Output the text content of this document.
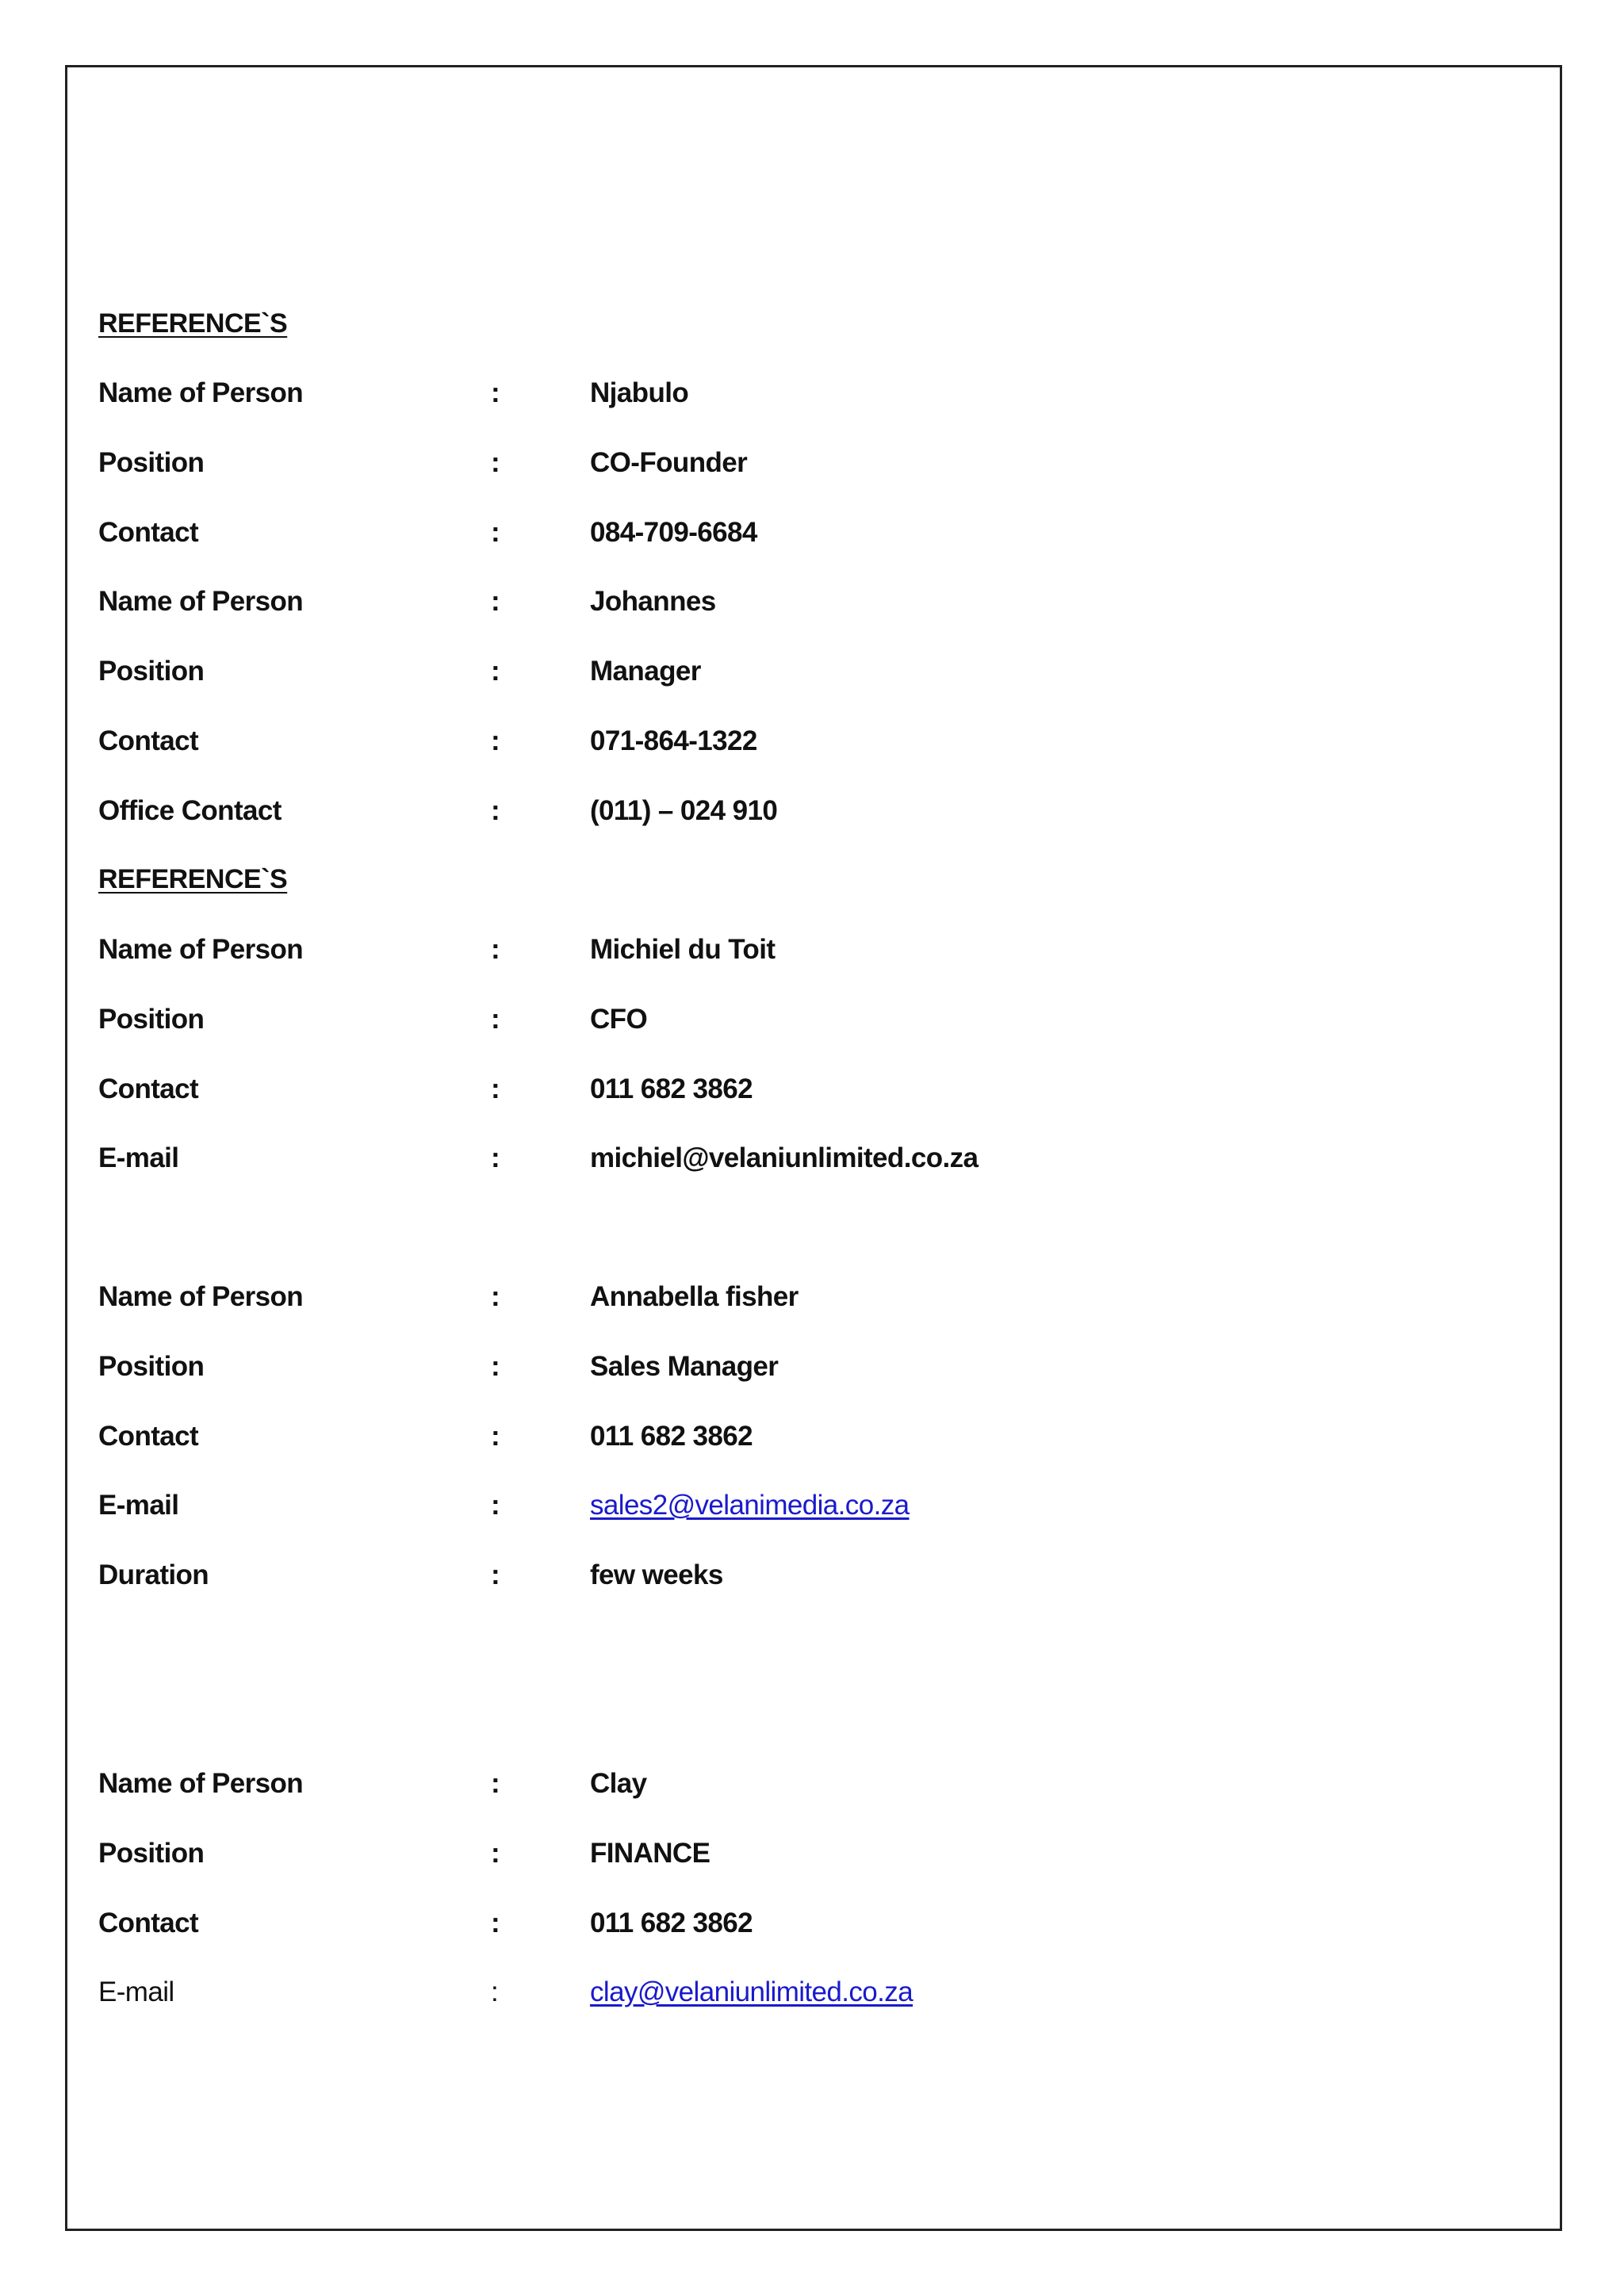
REFERENCE`S
Name of Person	:	Njabulo
Position	:	CO-Founder
Contact	:	084-709-6684
Name of Person	:	Johannes
Position	:	Manager
Contact	:	071-864-1322
Office Contact	:	(011) – 024 910
REFERENCE`S
Name of Person	:	Michiel du Toit
Position	:	CFO
Contact	:	011 682 3862
E-mail	:	michiel@velaniunlimited.co.za
Name of Person	:	Annabella fisher
Position	:	Sales Manager
Contact	:	011 682 3862
E-mail	:	sales2@velanimedia.co.za
Duration	:	few weeks
Name of Person	:	Clay
Position	:	FINANCE
Contact	:	011 682 3862
E-mail	:	clay@velaniunlimited.co.za
